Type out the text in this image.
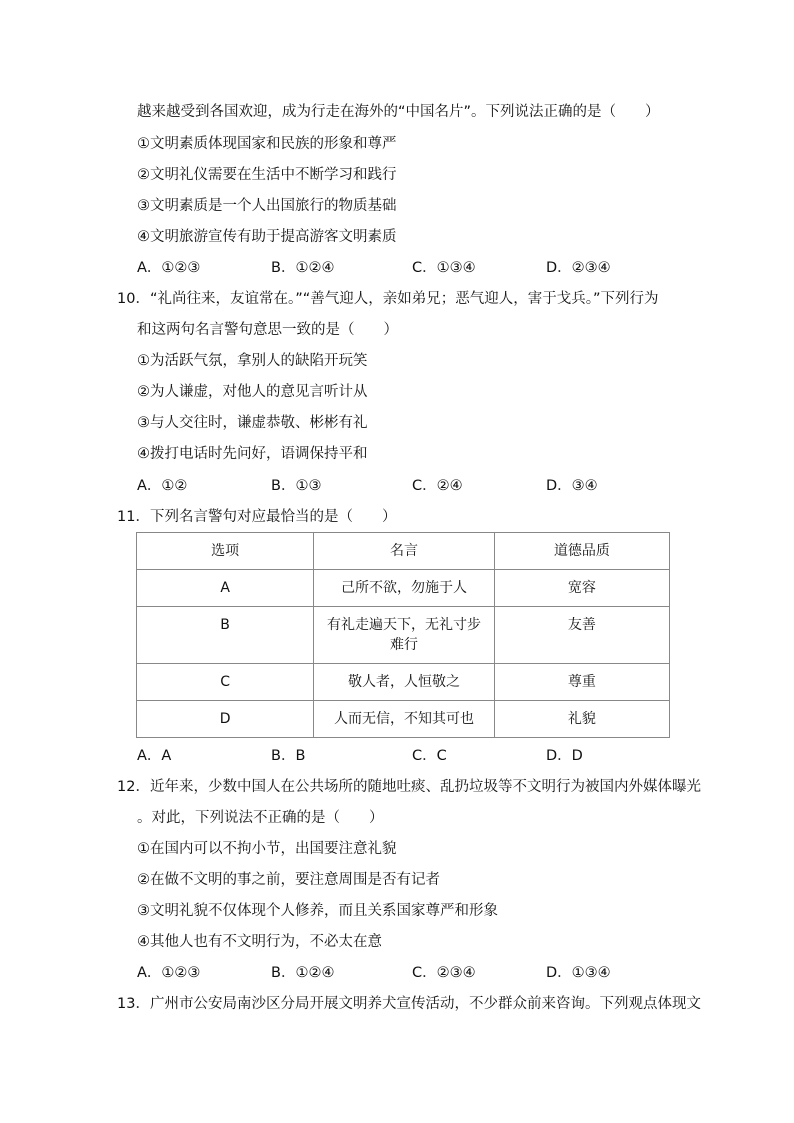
越来越受到各国欢迎，成为行走在海外的“中国名片”。下列说法正确的是（　　）
①文明素质体现国家和民族的形象和尊严
②文明礼仪需要在生活中不断学习和践行
③文明素质是一个人出国旅行的物质基础
④文明旅游宣传有助于提高游客文明素质
A．①②③	B．①②④	C．①③④	D．②③④
10．“礼尚往来，友谊常在。”“善气迎人，亲如弟兄；恶气迎人，害于戈兵。”下列行为
和这两句名言警句意思一致的是（　　）
①为活跃气氛，拿别人的缺陷开玩笑
②为人谦虚，对他人的意见言听计从
③与人交往时，谦虚恭敬、彬彬有礼
④拨打电话时先问好，语调保持平和
A．①②	B．①③	C．②④	D．③④
11．下列名言警句对应最恰当的是（　　）
选项	名言	道德品质
A	己所不欲，勿施于人	宽容
B	有礼走遍天下，无礼寸步难行	友善
C	敬人者，人恒敬之	尊重
D	人而无信，不知其可也	礼貌
A．A	B．B	C．C	D．D
12．近年来，少数中国人在公共场所的随地吐痰、乱扔垃圾等不文明行为被国内外媒体曝光
。对此，下列说法不正确的是（　　）
①在国内可以不拘小节，出国要注意礼貌
②在做不文明的事之前，要注意周围是否有记者
③文明礼貌不仅体现个人修养，而且关系国家尊严和形象
④其他人也有不文明行为，不必太在意
A．①②③	B．①②④	C．②③④	D．①③④
13．广州市公安局南沙区分局开展文明养犬宣传活动，不少群众前来咨询。下列观点体现文
